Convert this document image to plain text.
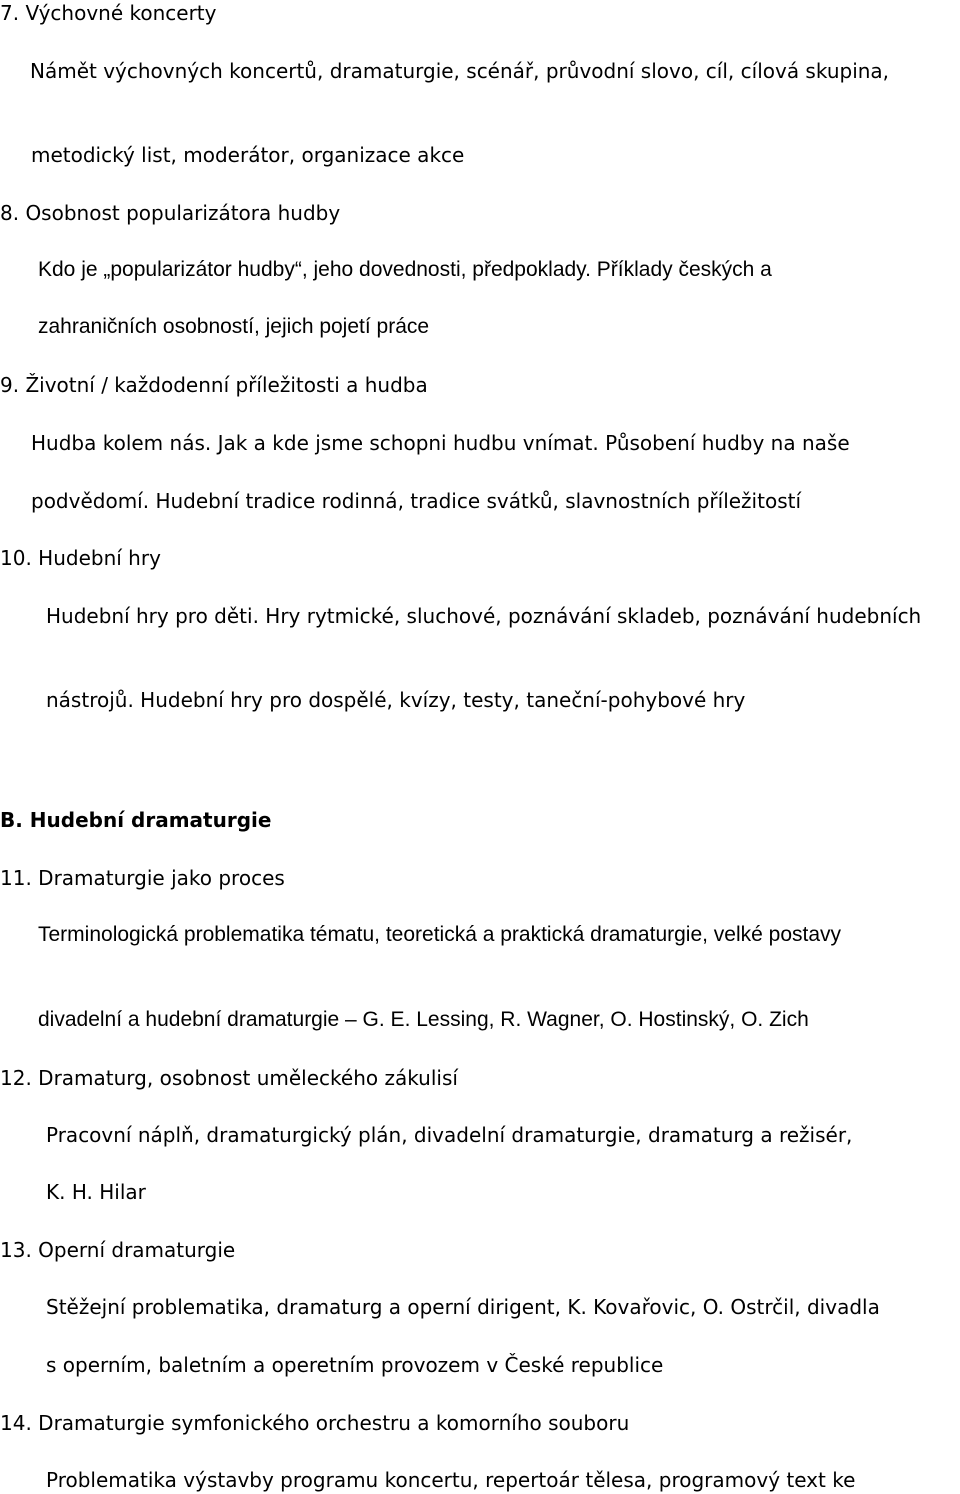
7. Výchovné koncerty

Námět výchovných koncertů, dramaturgie, scénář, průvodní slovo, cíl, cílová skupina,

metodický list, moderátor, organizace akce

8. Osobnost popularizátora hudby

Kdo je „popularizátor hudby“, jeho dovednosti, předpoklady. Příklady českých a

zahraničních osobností, jejich pojetí práce

9. Životní / každodenní příležitosti a hudba

Hudba kolem nás. Jak a kde jsme schopni hudbu vnímat. Působení hudby na naše

podvědomí. Hudební tradice rodinná, tradice svátků, slavnostních příležitostí

10. Hudební hry

Hudební hry pro děti. Hry rytmické, sluchové, poznávání skladeb, poznávání hudebních

nástrojů. Hudební hry pro dospělé, kvízy, testy, taneční-pohybové hry

B. Hudební dramaturgie

11. Dramaturgie jako proces

Terminologická problematika tématu, teoretická a praktická dramaturgie, velké postavy

divadelní a hudební dramaturgie – G. E. Lessing, R. Wagner, O. Hostinský, O. Zich

12. Dramaturg, osobnost uměleckého zákulisí

Pracovní náplň, dramaturgický plán, divadelní dramaturgie, dramaturg a režisér,

K. H. Hilar

13. Operní dramaturgie

Stěžejní problematika, dramaturg a operní dirigent, K. Kovařovic, O. Ostrčil, divadla

s operním, baletním a operetním provozem v České republice

14. Dramaturgie symfonického orchestru a komorního souboru

Problematika výstavby programu koncertu, repertoár tělesa, programový text ke
